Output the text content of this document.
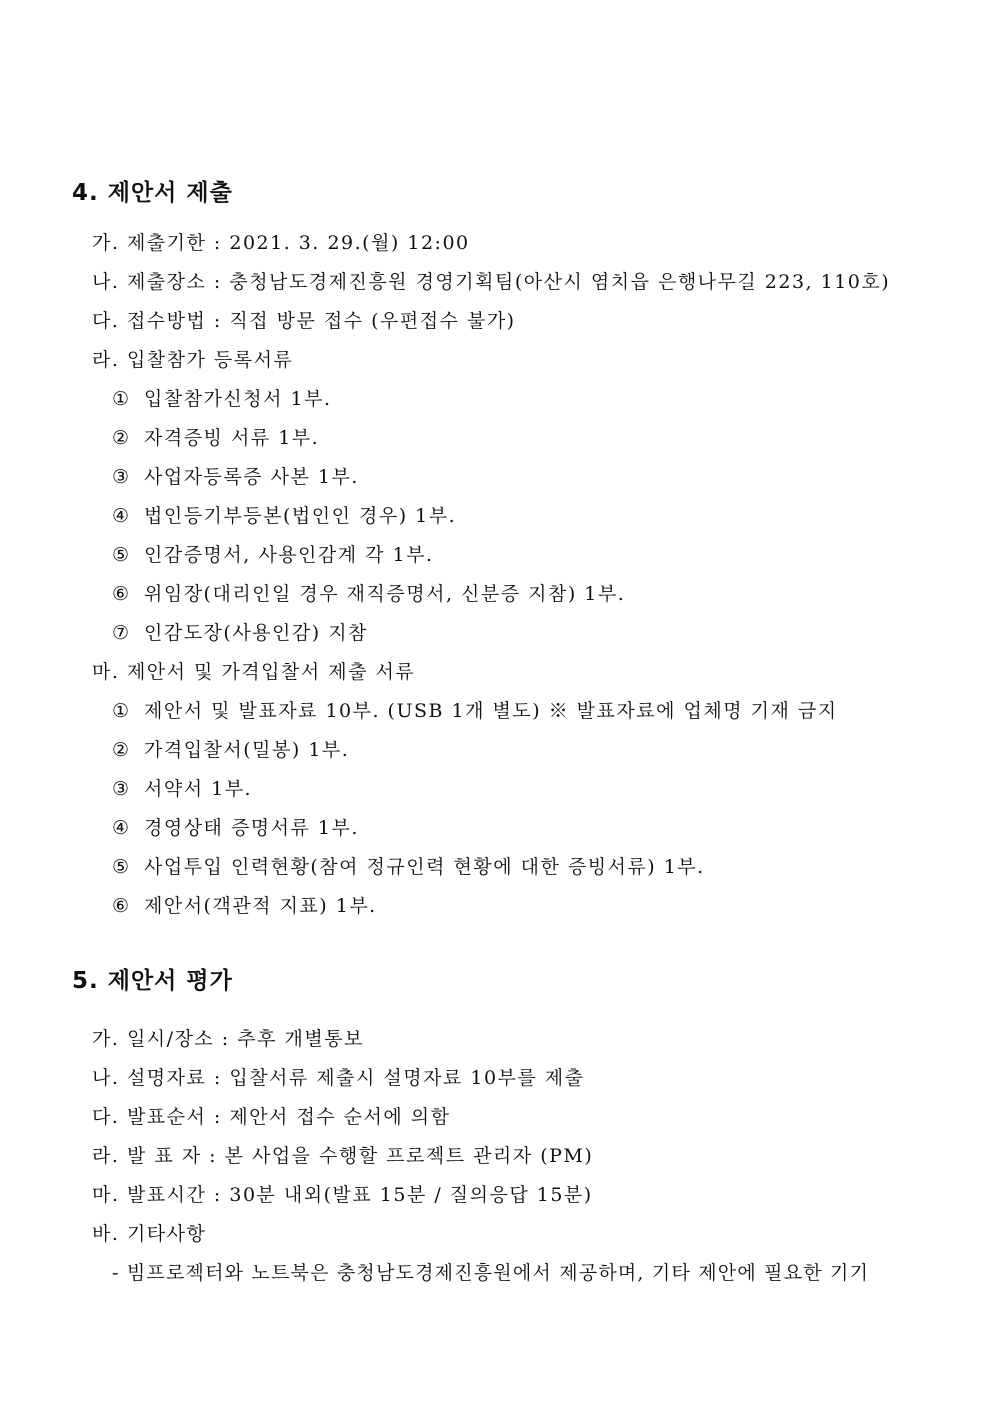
4. 제안서 제출
가. 제출기한 : 2021. 3. 29.(월) 12:00
나. 제출장소 : 충청남도경제진흥원 경영기획팀(아산시 염치읍 은행나무길 223, 110호)
다. 접수방법 : 직접 방문 접수 (우편접수 불가)
라. 입찰참가 등록서류
① 입찰참가신청서 1부.
② 자격증빙 서류 1부.
③ 사업자등록증 사본 1부.
④ 법인등기부등본(법인인 경우) 1부.
⑤ 인감증명서, 사용인감계 각 1부.
⑥ 위임장(대리인일 경우 재직증명서, 신분증 지참) 1부.
⑦ 인감도장(사용인감) 지참
마. 제안서 및 가격입찰서 제출 서류
① 제안서 및 발표자료 10부. (USB 1개 별도) ※ 발표자료에 업체명 기재 금지
② 가격입찰서(밀봉) 1부.
③ 서약서 1부.
④ 경영상태 증명서류 1부.
⑤ 사업투입 인력현황(참여 정규인력 현황에 대한 증빙서류) 1부.
⑥ 제안서(객관적 지표) 1부.
5. 제안서 평가
가. 일시/장소 : 추후 개별통보
나. 설명자료 : 입찰서류 제출시 설명자료 10부를 제출
다. 발표순서 : 제안서 접수 순서에 의함
라. 발 표 자 : 본 사업을 수행할 프로젝트 관리자 (PM)
마. 발표시간 : 30분 내외(발표 15분 / 질의응답 15분)
바. 기타사항
- 빔프로젝터와 노트북은 충청남도경제진흥원에서 제공하며, 기타 제안에 필요한 기기
